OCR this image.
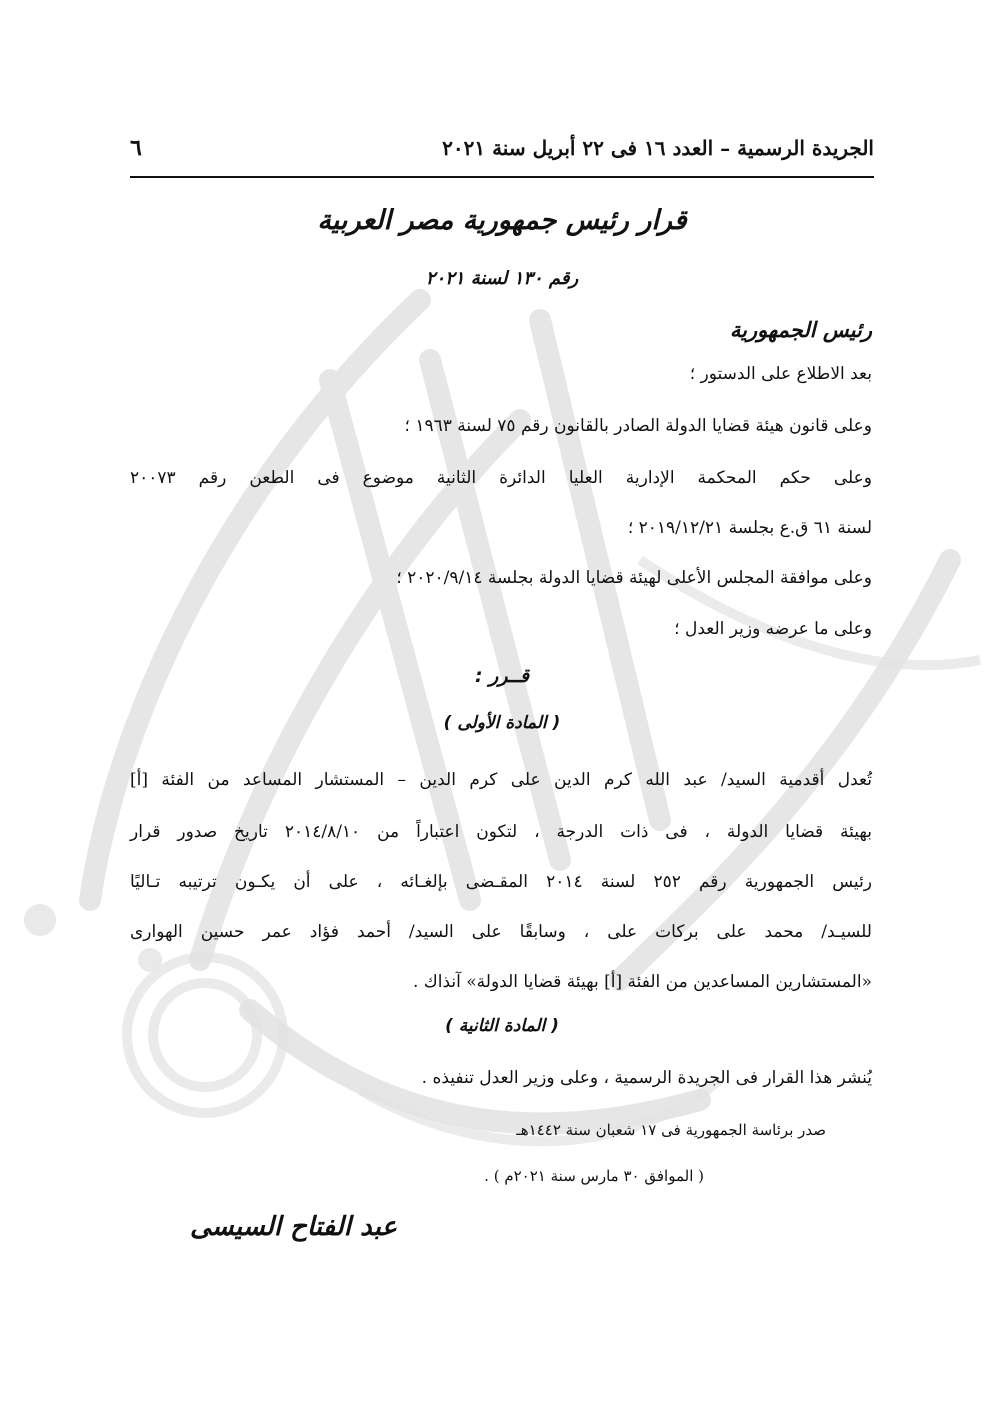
الجريدة الرسمية – العدد ١٦ فى ٢٢ أبريل سنة ٢٠٢١
٦
قرار رئيس جمهورية مصر العربية
رقم ١٣٠ لسنة ٢٠٢١
رئيس الجمهورية
بعد الاطلاع على الدستور ؛
وعلى قانون هيئة قضايا الدولة الصادر بالقانون رقم ٧٥ لسنة ١٩٦٣ ؛
وعلى حكم المحكمة الإدارية العليا الدائرة الثانية موضوع فى الطعن رقم ٢٠٠٧٣
لسنة ٦١ ق.ع بجلسة ٢٠١٩/١٢/٢١ ؛
وعلى موافقة المجلس الأعلى لهيئة قضايا الدولة بجلسة ٢٠٢٠/٩/١٤ ؛
وعلى ما عرضه وزير العدل ؛
قــرر :
( المادة الأولى )
تُعدل أقدمية السيد/ عبد الله كرم الدين على كرم الدين – المستشار المساعد من الفئة [أ]
بهيئة قضايا الدولة ، فى ذات الدرجة ، لتكون اعتباراً من ٢٠١٤/٨/١٠ تاريخ صدور قرار
رئيس الجمهورية رقم ٢٥٢ لسنة ٢٠١٤ المقـضى بإلغـائه ، على أن يكـون ترتيبه تـاليًا
للسيـد/ محمد على بركات على ، وسابقًا على السيد/ أحمد فؤاد عمر حسين الهوارى
«المستشارين المساعدين من الفئة [أ] بهيئة قضايا الدولة» آنذاك .
( المادة الثانية )
يُنشر هذا القرار فى الجريدة الرسمية ، وعلى وزير العدل تنفيذه .
صدر برئاسة الجمهورية فى ١٧ شعبان سنة ١٤٤٢هـ
( الموافق ٣٠ مارس سنة ٢٠٢١م ) .
عبد الفتاح السيسى
